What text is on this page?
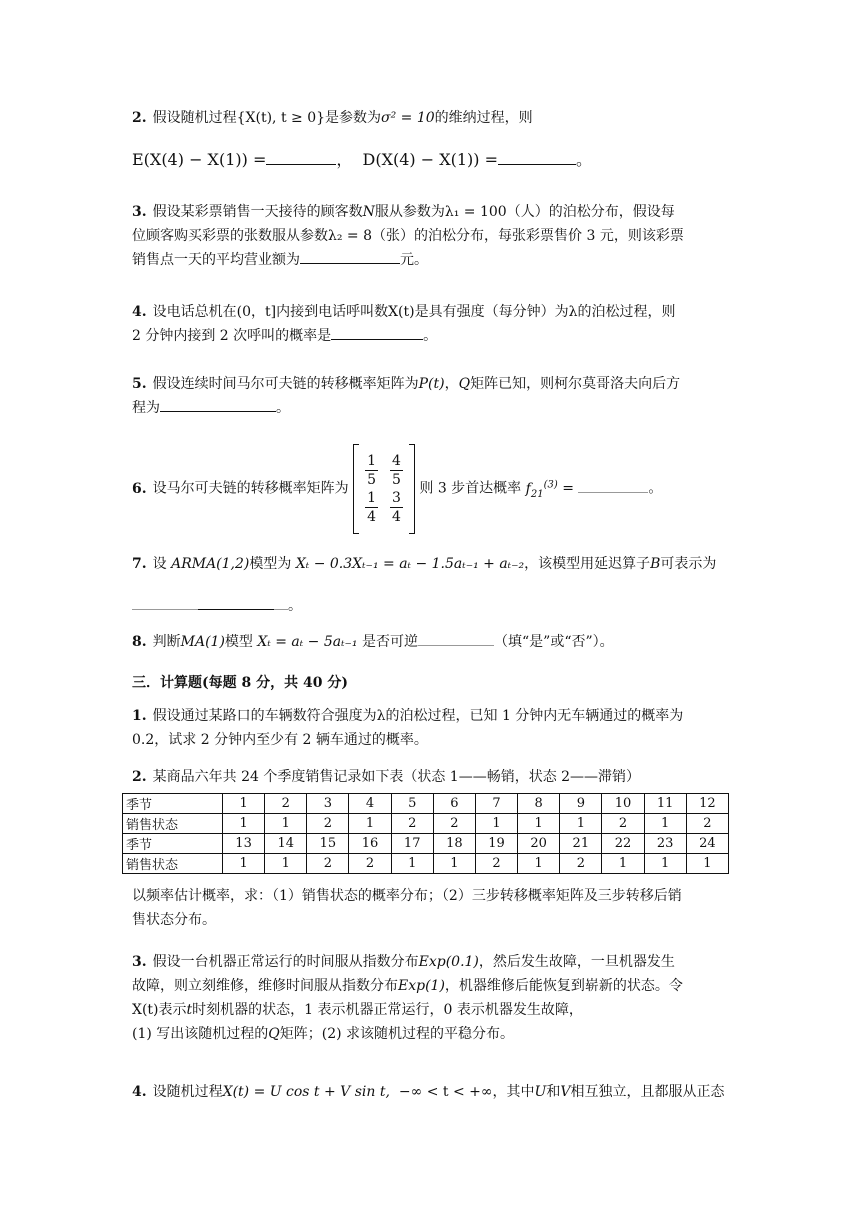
2. 假设随机过程{X(t), t ≥ 0}是参数为σ² = 10的维纳过程，则
E(X(4) − X(1)) =	， D(X(4) − X(1)) =	。
3. 假设某彩票销售一天接待的顾客数N服从参数为λ₁ = 100（人）的泊松分布，假设每
位顾客购买彩票的张数服从参数λ₂ = 8（张）的泊松分布，每张彩票售价 3 元，则该彩票
销售点一天的平均营业额为	元。
4. 设电话总机在(0，t]内接到电话呼叫数X(t)是具有强度（每分钟）为λ的泊松过程，则
2 分钟内接到 2 次呼叫的概率是	。
5. 假设连续时间马尔可夫链的转移概率矩阵为P(t)，Q矩阵已知，则柯尔莫哥洛夫向后方
程为	。
6. 设马尔可夫链的转移概率矩阵为 $\frac{1}{5} \frac{4}{5}$
$\frac{1}{4} \frac{3}{4}$ 则 3 步首达概率 $f_{21}^{(3)}$ =	。
7. 设 ARMA(1,2)模型为 Xₜ − 0.3Xₜ₋₁ = aₜ − 1.5aₜ₋₁ + aₜ₋₂，该模型用延迟算子B可表示为
。
8. 判断MA(1)模型 Xₜ = aₜ − 5aₜ₋₁ 是否可逆	（填“是”或“否”）。
三．计算题(每题 8 分，共 40 分)
1. 假设通过某路口的车辆数符合强度为λ的泊松过程，已知 1 分钟内无车辆通过的概率为
0.2，试求 2 分钟内至少有 2 辆车通过的概率。
2. 某商品六年共 24 个季度销售记录如下表（状态 1——畅销，状态 2——滞销）
季节	1	2	3	4	5	6	7	8	9	10	11	12
销售状态	1	1	2	1	2	2	1	1	1	2	1	2
季节	13	14	15	16	17	18	19	20	21	22	23	24
销售状态	1	1	2	2	1	1	2	1	2	1	1	1
以频率估计概率，求：（1）销售状态的概率分布；（2）三步转移概率矩阵及三步转移后销
售状态分布。
3. 假设一台机器正常运行的时间服从指数分布Exp(0.1)，然后发生故障，一旦机器发生
故障，则立刻维修，维修时间服从指数分布Exp(1)，机器维修后能恢复到崭新的状态。令
X(t)表示t时刻机器的状态，1 表示机器正常运行，0 表示机器发生故障，
(1) 写出该随机过程的Q矩阵；(2) 求该随机过程的平稳分布。
4. 设随机过程X(t) = U cos t + V sin t, −∞ < t < +∞，其中U和V相互独立，且都服从正态
